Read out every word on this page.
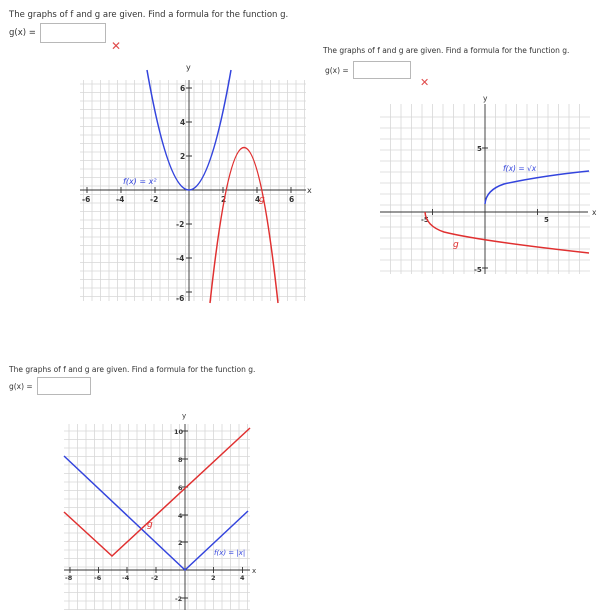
The graphs of f and g are given. Find a formula for the function g.
g(x) =
✕
-6	-4	-2	2	4	6
6
4
2
-2
-4
-6
x
y
f(x) = x²
g
The graphs of f and g are given. Find a formula for the function g.
g(x) =
✕
-5	5
5
-5
x
y
f(x) = √x
g
The graphs of f and g are given. Find a formula for the function g.
g(x) =
-8	-6	-4	-2	2	4
10
8
6
4
2
-2
x
y
f(x) = |x|
g
